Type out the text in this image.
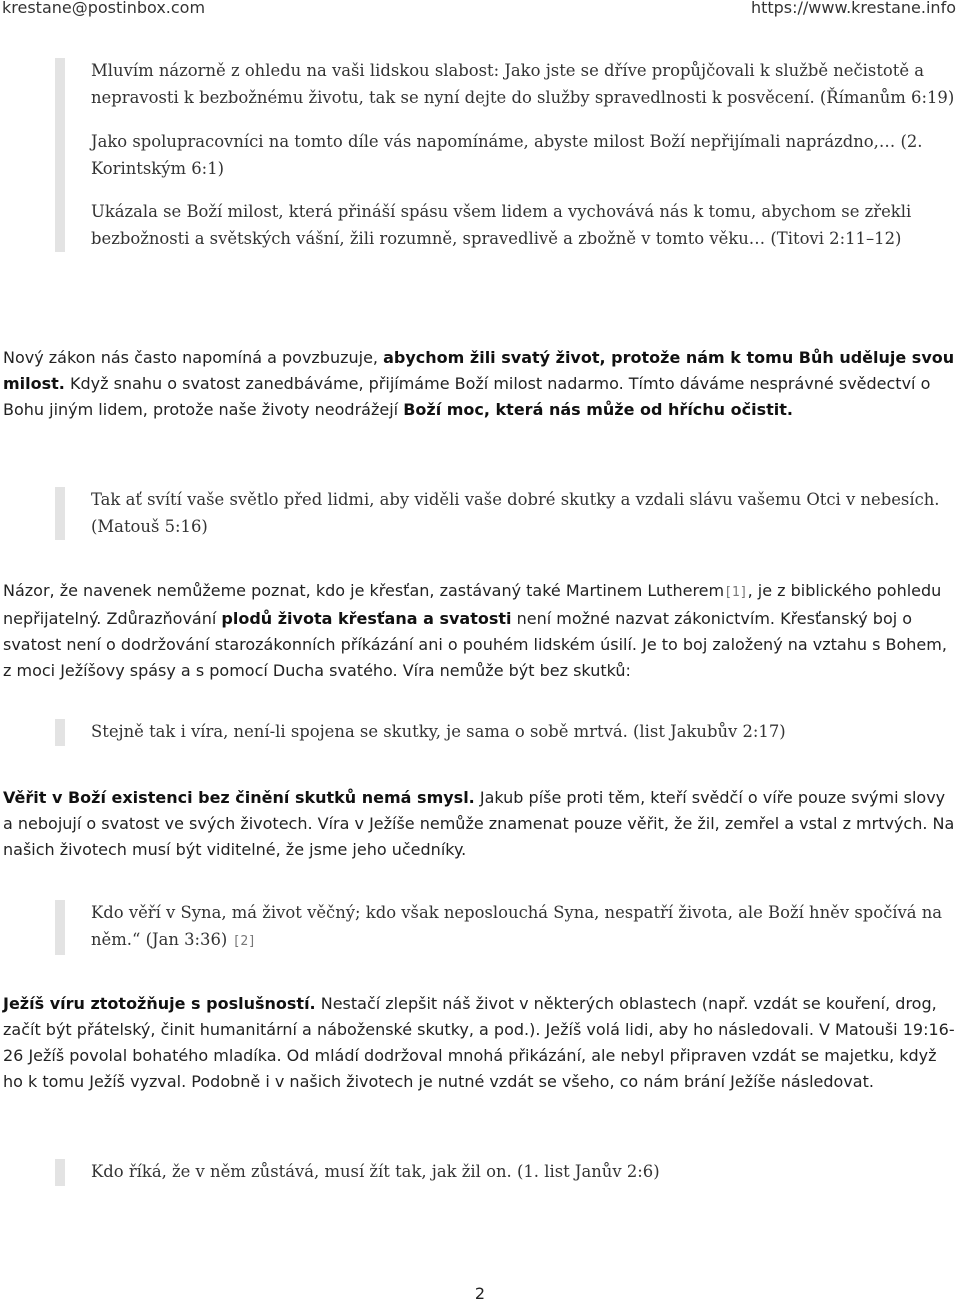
krestane@postinbox.com	https://www.krestane.info

Mluvím názorně z ohledu na vaši lidskou slabost: Jako jste se dříve propůjčovali k službě nečistotě a nepravosti k bezbožnému životu, tak se nyní dejte do služby spravedlnosti k posvěcení. (Římanům 6:19)

Jako spolupracovníci na tomto díle vás napomínáme, abyste milost Boží nepřijímali naprázdno,… (2. Korintským 6:1)

Ukázala se Boží milost, která přináší spásu všem lidem a vychovává nás k tomu, abychom se zřekli bezbožnosti a světských vášní, žili rozumně, spravedlivě a zbožně v tomto věku… (Titovi 2:11–12)

Nový zákon nás často napomíná a povzbuzuje, abychom žili svatý život, protože nám k tomu Bůh uděluje svou milost. Když snahu o svatost zanedbáváme, přijímáme Boží milost nadarmo. Tímto dáváme nesprávné svědectví o Bohu jiným lidem, protože naše životy neodrážejí Boží moc, která nás může od hříchu očistit.

Tak ať svítí vaše světlo před lidmi, aby viděli vaše dobré skutky a vzdali slávu vašemu Otci v nebesích. (Matouš 5:16)

Názor, že navenek nemůžeme poznat, kdo je křesťan, zastávaný také Martinem Lutherem[1], je z biblického pohledu nepřijatelný. Zdůrazňování plodů života křesťana a svatosti není možné nazvat zákonictvím. Křesťanský boj o svatost není o dodržování starozákonních příkázání ani o pouhém lidském úsilí. Je to boj založený na vztahu s Bohem, z moci Ježíšovy spásy a s pomocí Ducha svatého. Víra nemůže být bez skutků:

Stejně tak i víra, není-li spojena se skutky, je sama o sobě mrtvá. (list Jakubův 2:17)

Věřit v Boží existenci bez činění skutků nemá smysl. Jakub píše proti těm, kteří svědčí o víře pouze svými slovy a nebojují o svatost ve svých životech. Víra v Ježíše nemůže znamenat pouze věřit, že žil, zemřel a vstal z mrtvých. Na našich životech musí být viditelné, že jsme jeho učedníky.

Kdo věří v Syna, má život věčný; kdo však neposlouchá Syna, nespatří života, ale Boží hněv spočívá na něm.“ (Jan 3:36) [2]

Ježíš víru ztotožňuje s poslušností. Nestačí zlepšit náš život v některých oblastech (např. vzdát se kouření, drog, začít být přátelský, činit humanitární a náboženské skutky, a pod.). Ježíš volá lidi, aby ho následovali. V Matouši 19:16-26 Ježíš povolal bohatého mladíka. Od mládí dodržoval mnohá přikázání, ale nebyl připraven vzdát se majetku, když ho k tomu Ježíš vyzval. Podobně i v našich životech je nutné vzdát se všeho, co nám brání Ježíše následovat.

Kdo říká, že v něm zůstává, musí žít tak, jak žil on. (1. list Janův 2:6)

2
